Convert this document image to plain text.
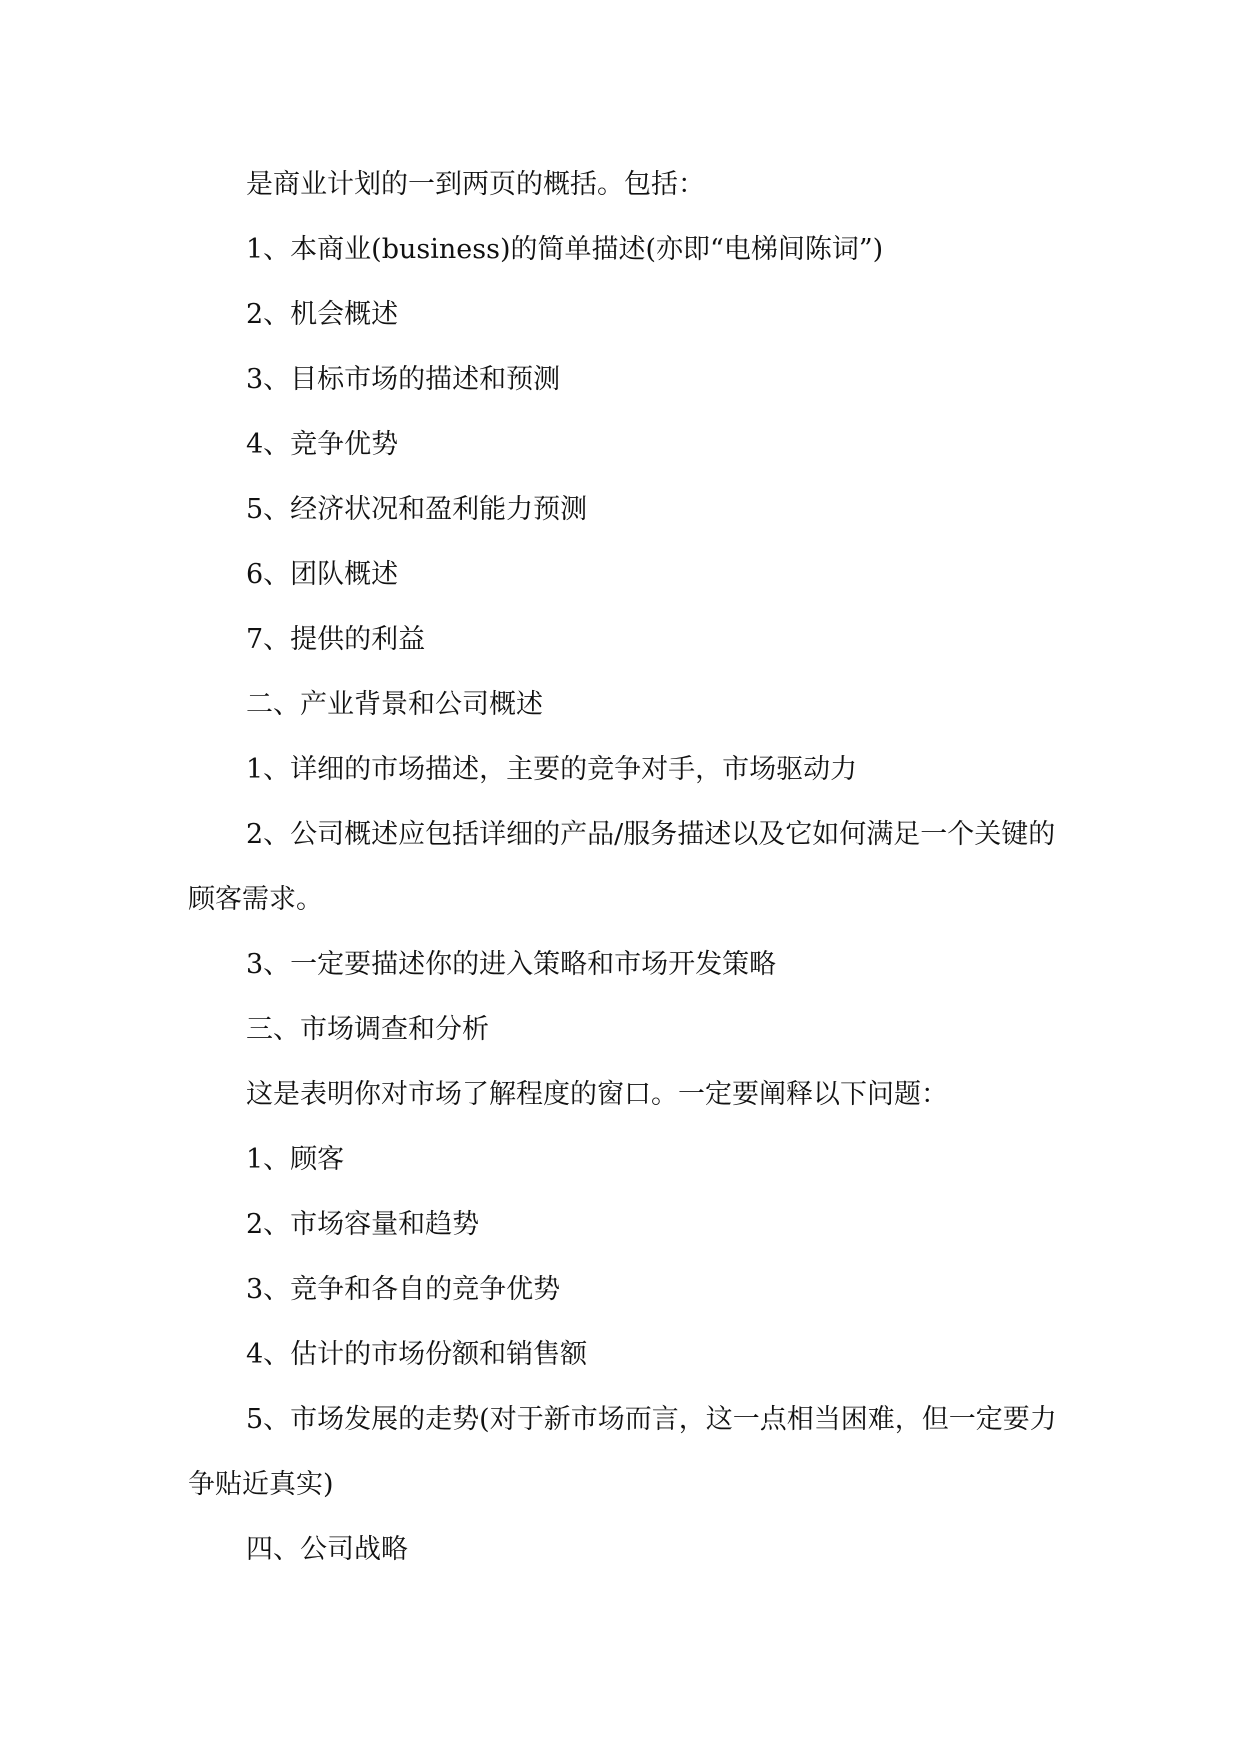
是商业计划的一到两页的概括。包括：

1、本商业(business)的简单描述(亦即“电梯间陈词”)

2、机会概述

3、目标市场的描述和预测

4、竞争优势

5、经济状况和盈利能力预测

6、团队概述

7、提供的利益

二、产业背景和公司概述

1、详细的市场描述，主要的竞争对手，市场驱动力

2、公司概述应包括详细的产品/服务描述以及它如何满足一个关键的顾客需求。

3、一定要描述你的进入策略和市场开发策略

三、市场调查和分析

这是表明你对市场了解程度的窗口。一定要阐释以下问题：

1、顾客

2、市场容量和趋势

3、竞争和各自的竞争优势

4、估计的市场份额和销售额

5、市场发展的走势(对于新市场而言，这一点相当困难，但一定要力争贴近真实)

四、公司战略
